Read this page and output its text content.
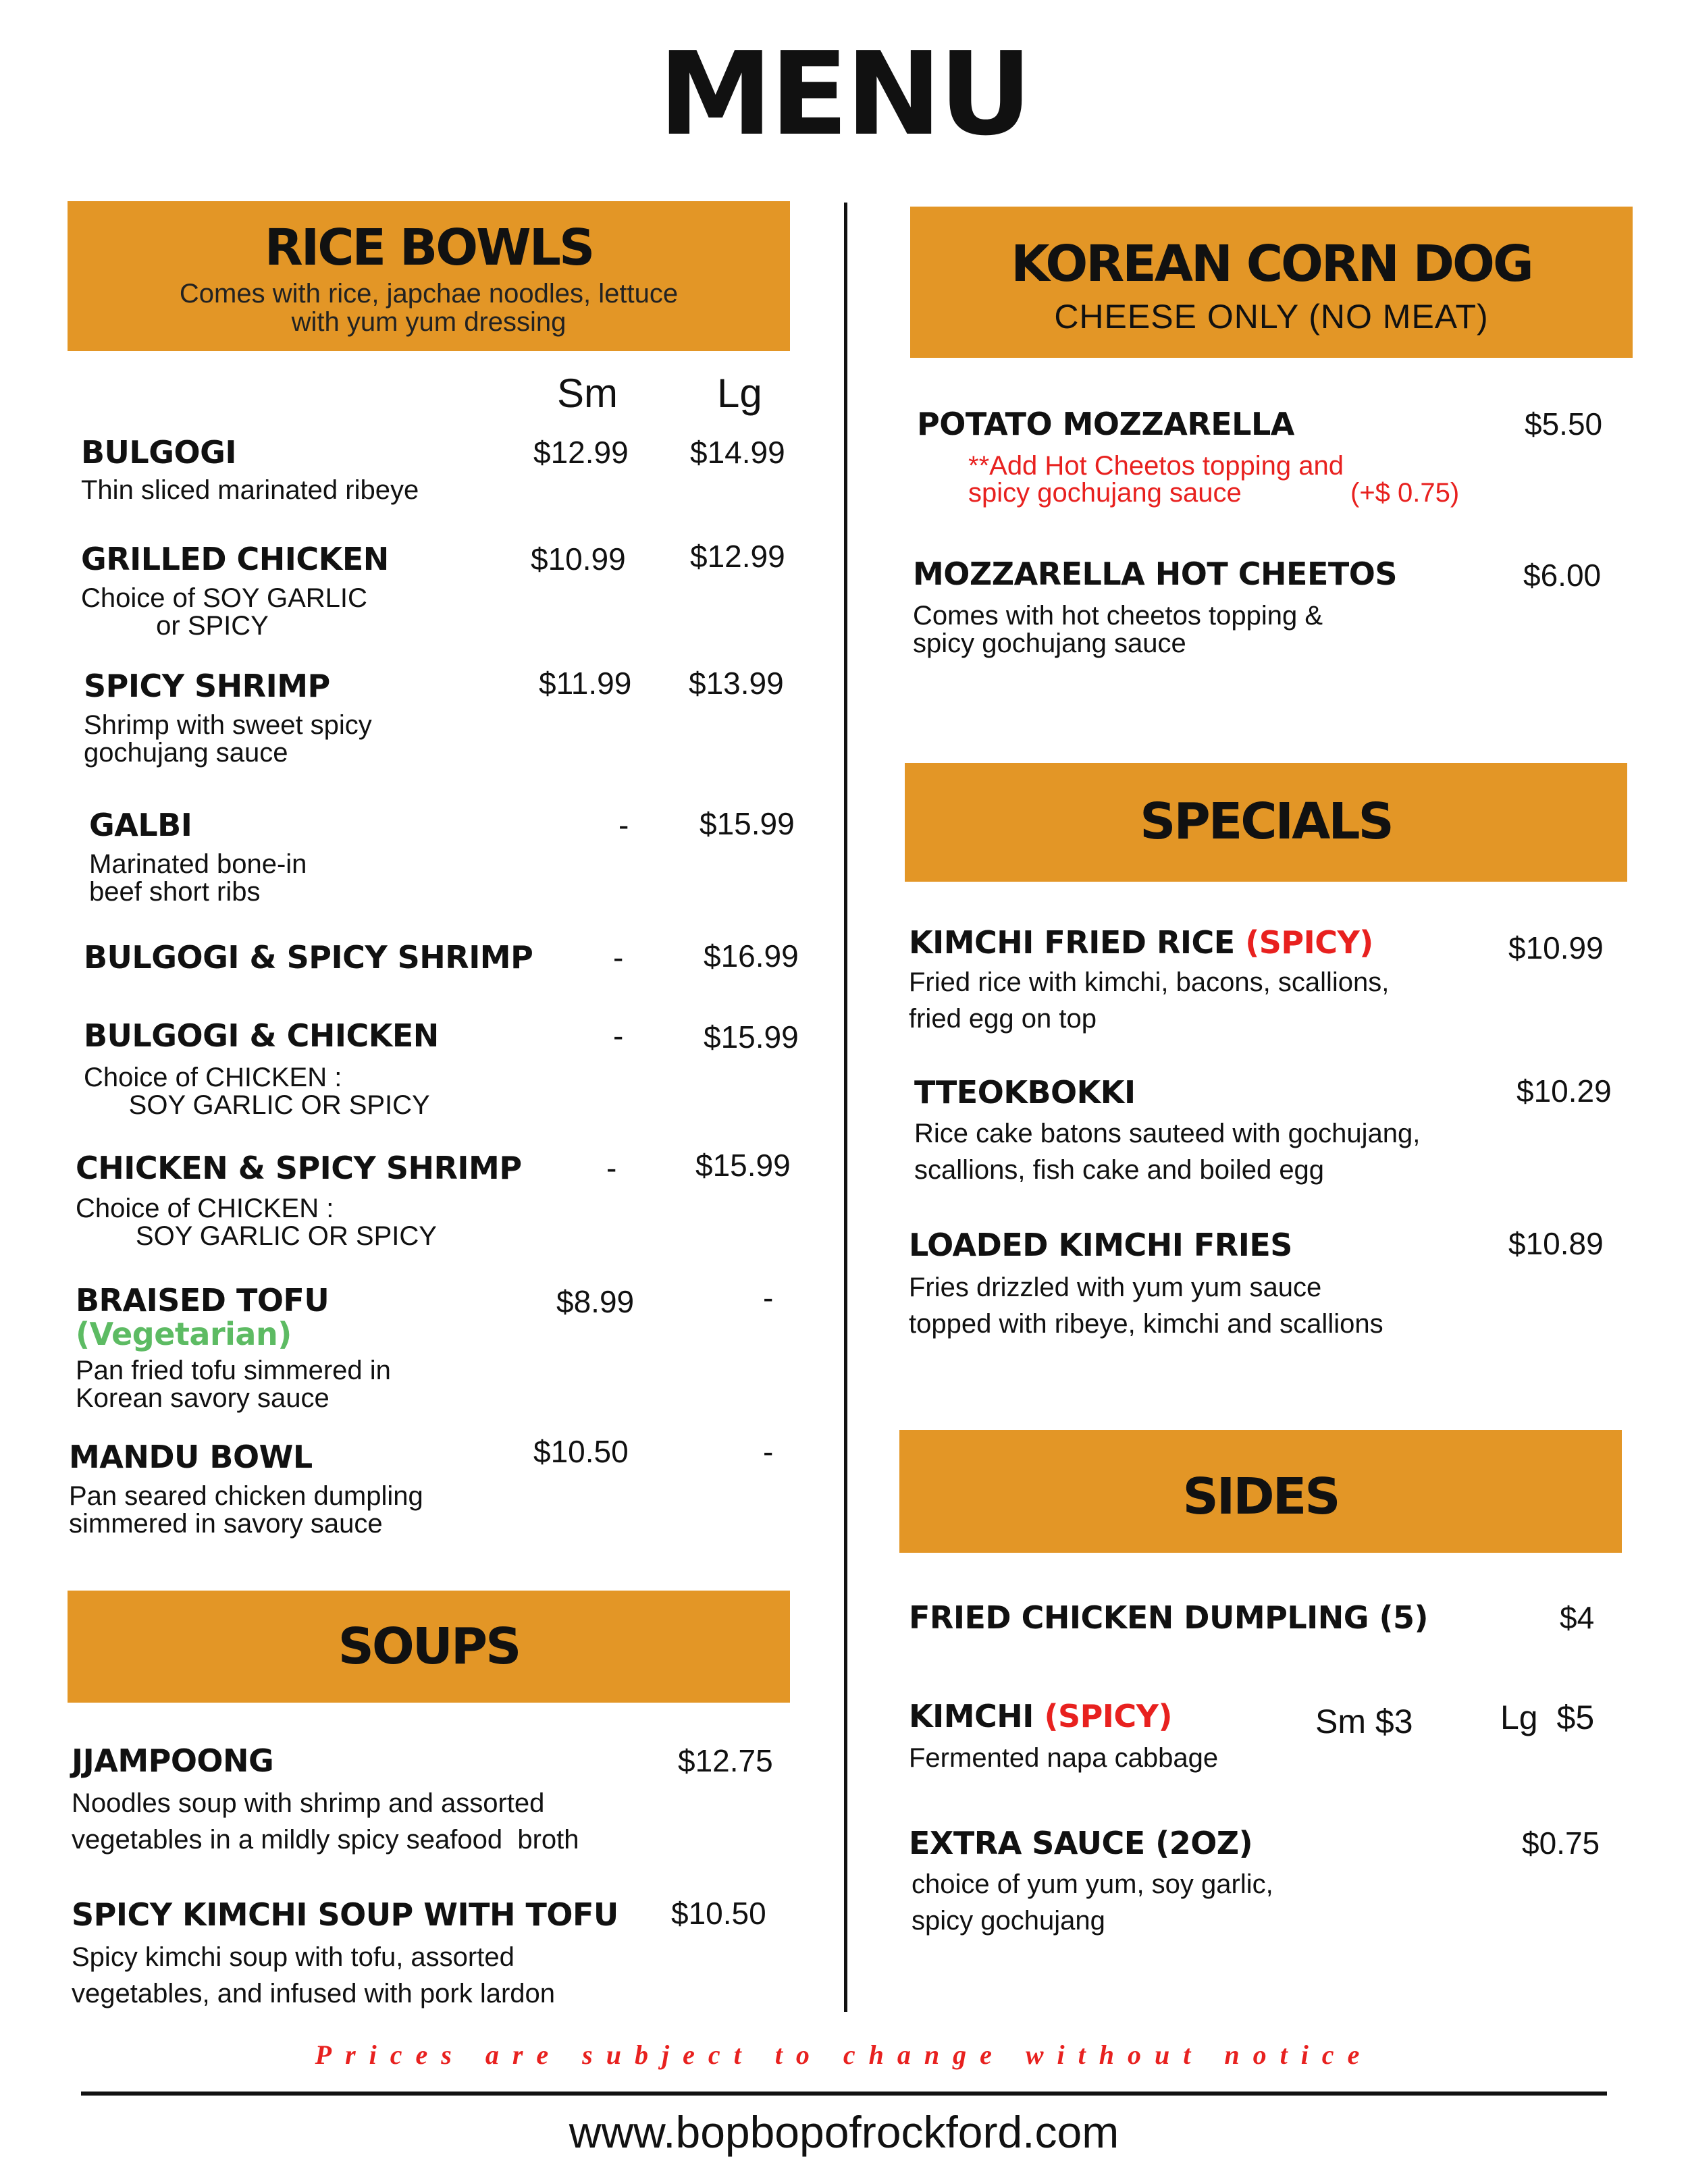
MENU
RICE BOWLS
Comes with rice, japchae noodles, lettuce
with yum yum dressing
Sm Lg
BULGOGI	$12.99 $14.99
Thin sliced marinated ribeye
GRILLED CHICKEN	$10.99 $12.99
Choice of SOY GARLIC
or SPICY
SPICY SHRIMP	$11.99 $13.99
Shrimp with sweet spicy
gochujang sauce
GALBI	- $15.99
Marinated bone-in
beef short ribs
BULGOGI & SPICY SHRIMP	-	$16.99
BULGOGI & CHICKEN	-	$15.99
Choice of CHICKEN :
SOY GARLIC OR SPICY
CHICKEN & SPICY SHRIMP	-	$15.99
Choice of CHICKEN :
SOY GARLIC OR SPICY
BRAISED TOFU
(Vegetarian)
$8.99	-
Pan fried tofu simmered in
Korean savory sauce
MANDU BOWL	$10.50	-
Pan seared chicken dumpling
simmered in savory sauce
SOUPS
JJAMPOONG	$12.75
Noodles soup with shrimp and assorted
vegetables in a mildly spicy seafood  broth
SPICY KIMCHI SOUP WITH TOFU $10.50
Spicy kimchi soup with tofu, assorted
vegetables, and infused with pork lardon
KOREAN CORN DOG
CHEESE ONLY (NO MEAT)
POTATO MOZZARELLA	$5.50
**Add Hot Cheetos topping and
spicy gochujang sauce	(+$ 0.75)
MOZZARELLA HOT CHEETOS	$6.00
Comes with hot cheetos topping &
spicy gochujang sauce
SPECIALS
KIMCHI FRIED RICE (SPICY)	$10.99
Fried rice with kimchi, bacons, scallions,
fried egg on top
TTEOKBOKKI	$10.29
Rice cake batons sauteed with gochujang,
scallions, fish cake and boiled egg
LOADED KIMCHI FRIES	$10.89
Fries drizzled with yum yum sauce
topped with ribeye, kimchi and scallions
SIDES
FRIED CHICKEN DUMPLING (5)	$4
KIMCHI (SPICY)	Sm $3	Lg $5
Fermented napa cabbage
EXTRA SAUCE (2OZ)	$0.75
choice of yum yum, soy garlic,
spicy gochujang
Prices are subject to change without notice
www.bopbopofrockford.com
